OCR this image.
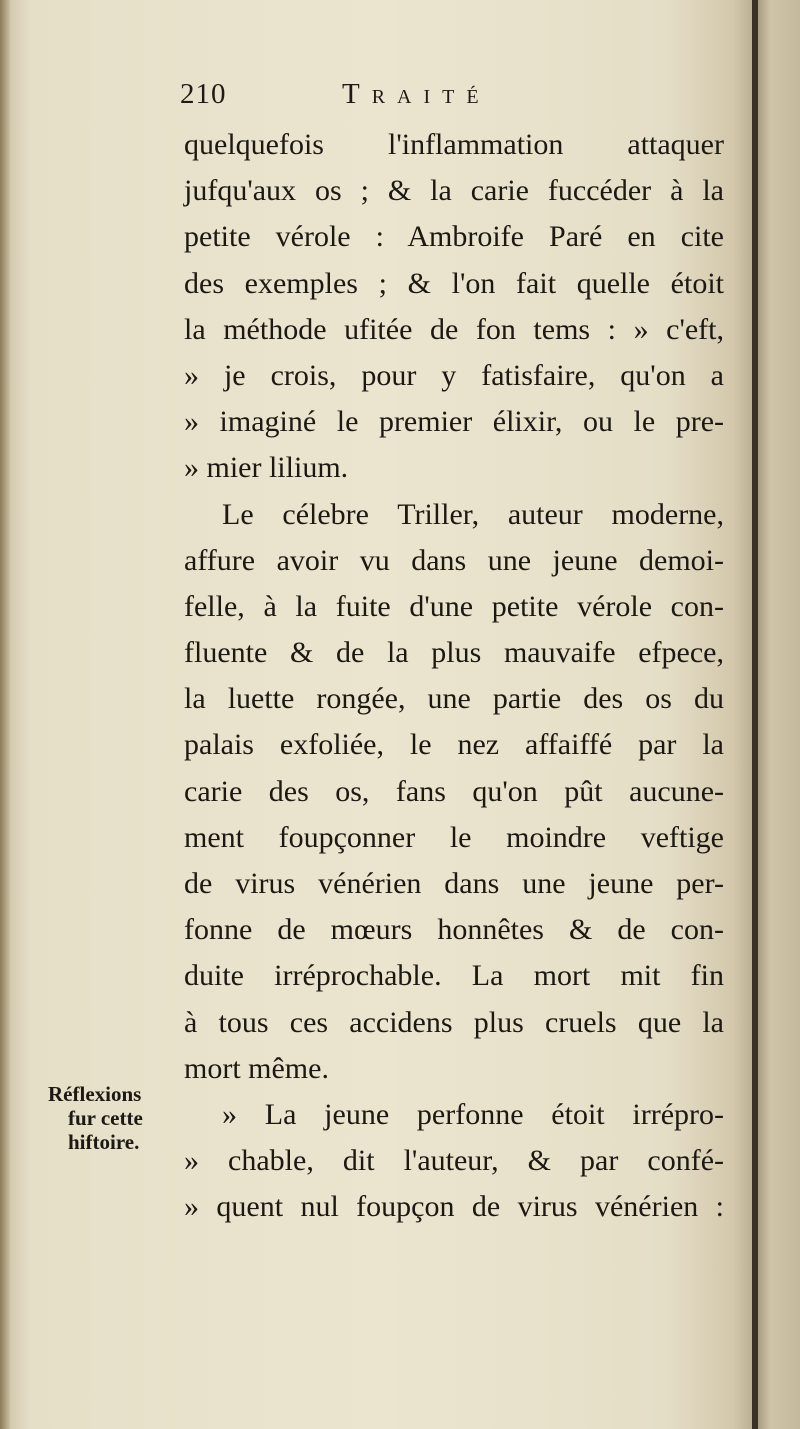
210	Traité
quelquefois l'inflammation attaquer
jufqu'aux os ; & la carie fuccéder à la
petite vérole : Ambroife Paré en cite
des exemples ; & l'on fait quelle étoit
la méthode ufitée de fon tems : » c'eft,
» je crois, pour y fatisfaire, qu'on a
» imaginé le premier élixir, ou le pre-
» mier lilium.
Le célebre Triller, auteur moderne,
affure avoir vu dans une jeune demoi-
felle, à la fuite d'une petite vérole con-
fluente & de la plus mauvaife efpece,
la luette rongée, une partie des os du
palais exfoliée, le nez affaiffé par la
carie des os, fans qu'on pût aucune-
ment foupçonner le moindre veftige
de virus vénérien dans une jeune per-
fonne de mœurs honnêtes & de con-
duite irréprochable. La mort mit fin
à tous ces accidens plus cruels que la
mort même.
» La jeune perfonne étoit irrépro-
» chable, dit l'auteur, & par confé-
» quent nul foupçon de virus vénérien :
Réflexions
fur cette
hiftoire.
